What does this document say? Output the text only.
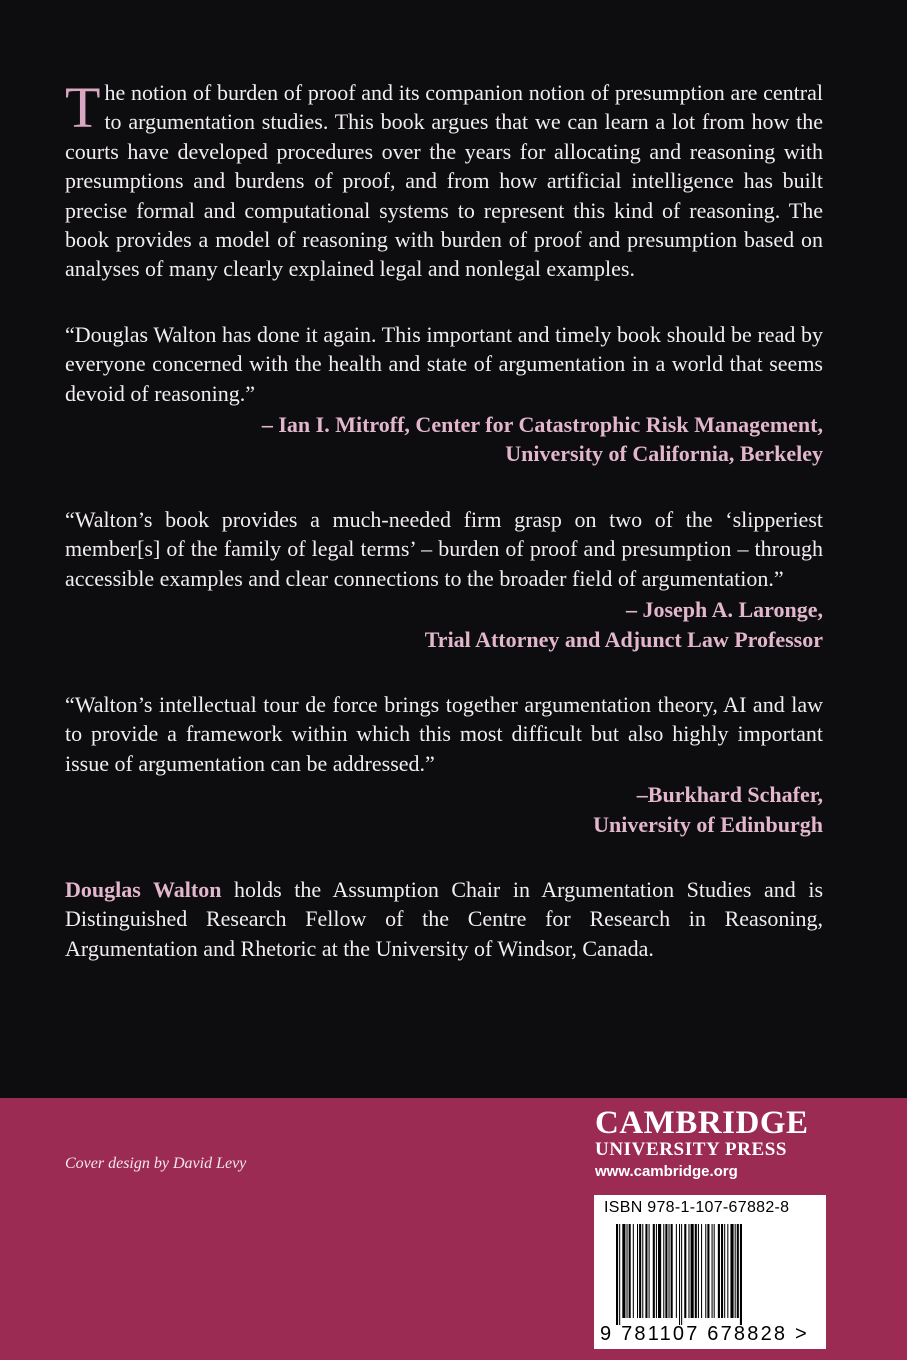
The notion of burden of proof and its companion notion of presumption are central to argumentation studies. This book argues that we can learn a lot from how the courts have developed procedures over the years for allocating and reasoning with presumptions and burdens of proof, and from how artificial intelligence has built precise formal and computational systems to represent this kind of reasoning. The book provides a model of reasoning with burden of proof and presumption based on analyses of many clearly explained legal and nonlegal examples.

“Douglas Walton has done it again. This important and timely book should be read by everyone concerned with the health and state of argumentation in a world that seems devoid of reasoning.”

– Ian I. Mitroff, Center for Catastrophic Risk Management,
University of California, Berkeley

“Walton’s book provides a much-needed firm grasp on two of the ‘slipperiest member[s] of the family of legal terms’ – burden of proof and presumption – through accessible examples and clear connections to the broader field of argumentation.”

– Joseph A. Laronge,
Trial Attorney and Adjunct Law Professor

“Walton’s intellectual tour de force brings together argumentation theory, AI and law to provide a framework within which this most difficult but also highly important issue of argumentation can be addressed.”

–Burkhard Schafer,
University of Edinburgh

Douglas Walton holds the Assumption Chair in Argumentation Studies and is Distinguished Research Fellow of the Centre for Research in Reasoning, Argumentation and Rhetoric at the University of Windsor, Canada.

Cover design by David Levy
CAMBRIDGE
UNIVERSITY PRESS
www.cambridge.org
ISBN 978-1-107-67882-8
9 781107 678828 >
